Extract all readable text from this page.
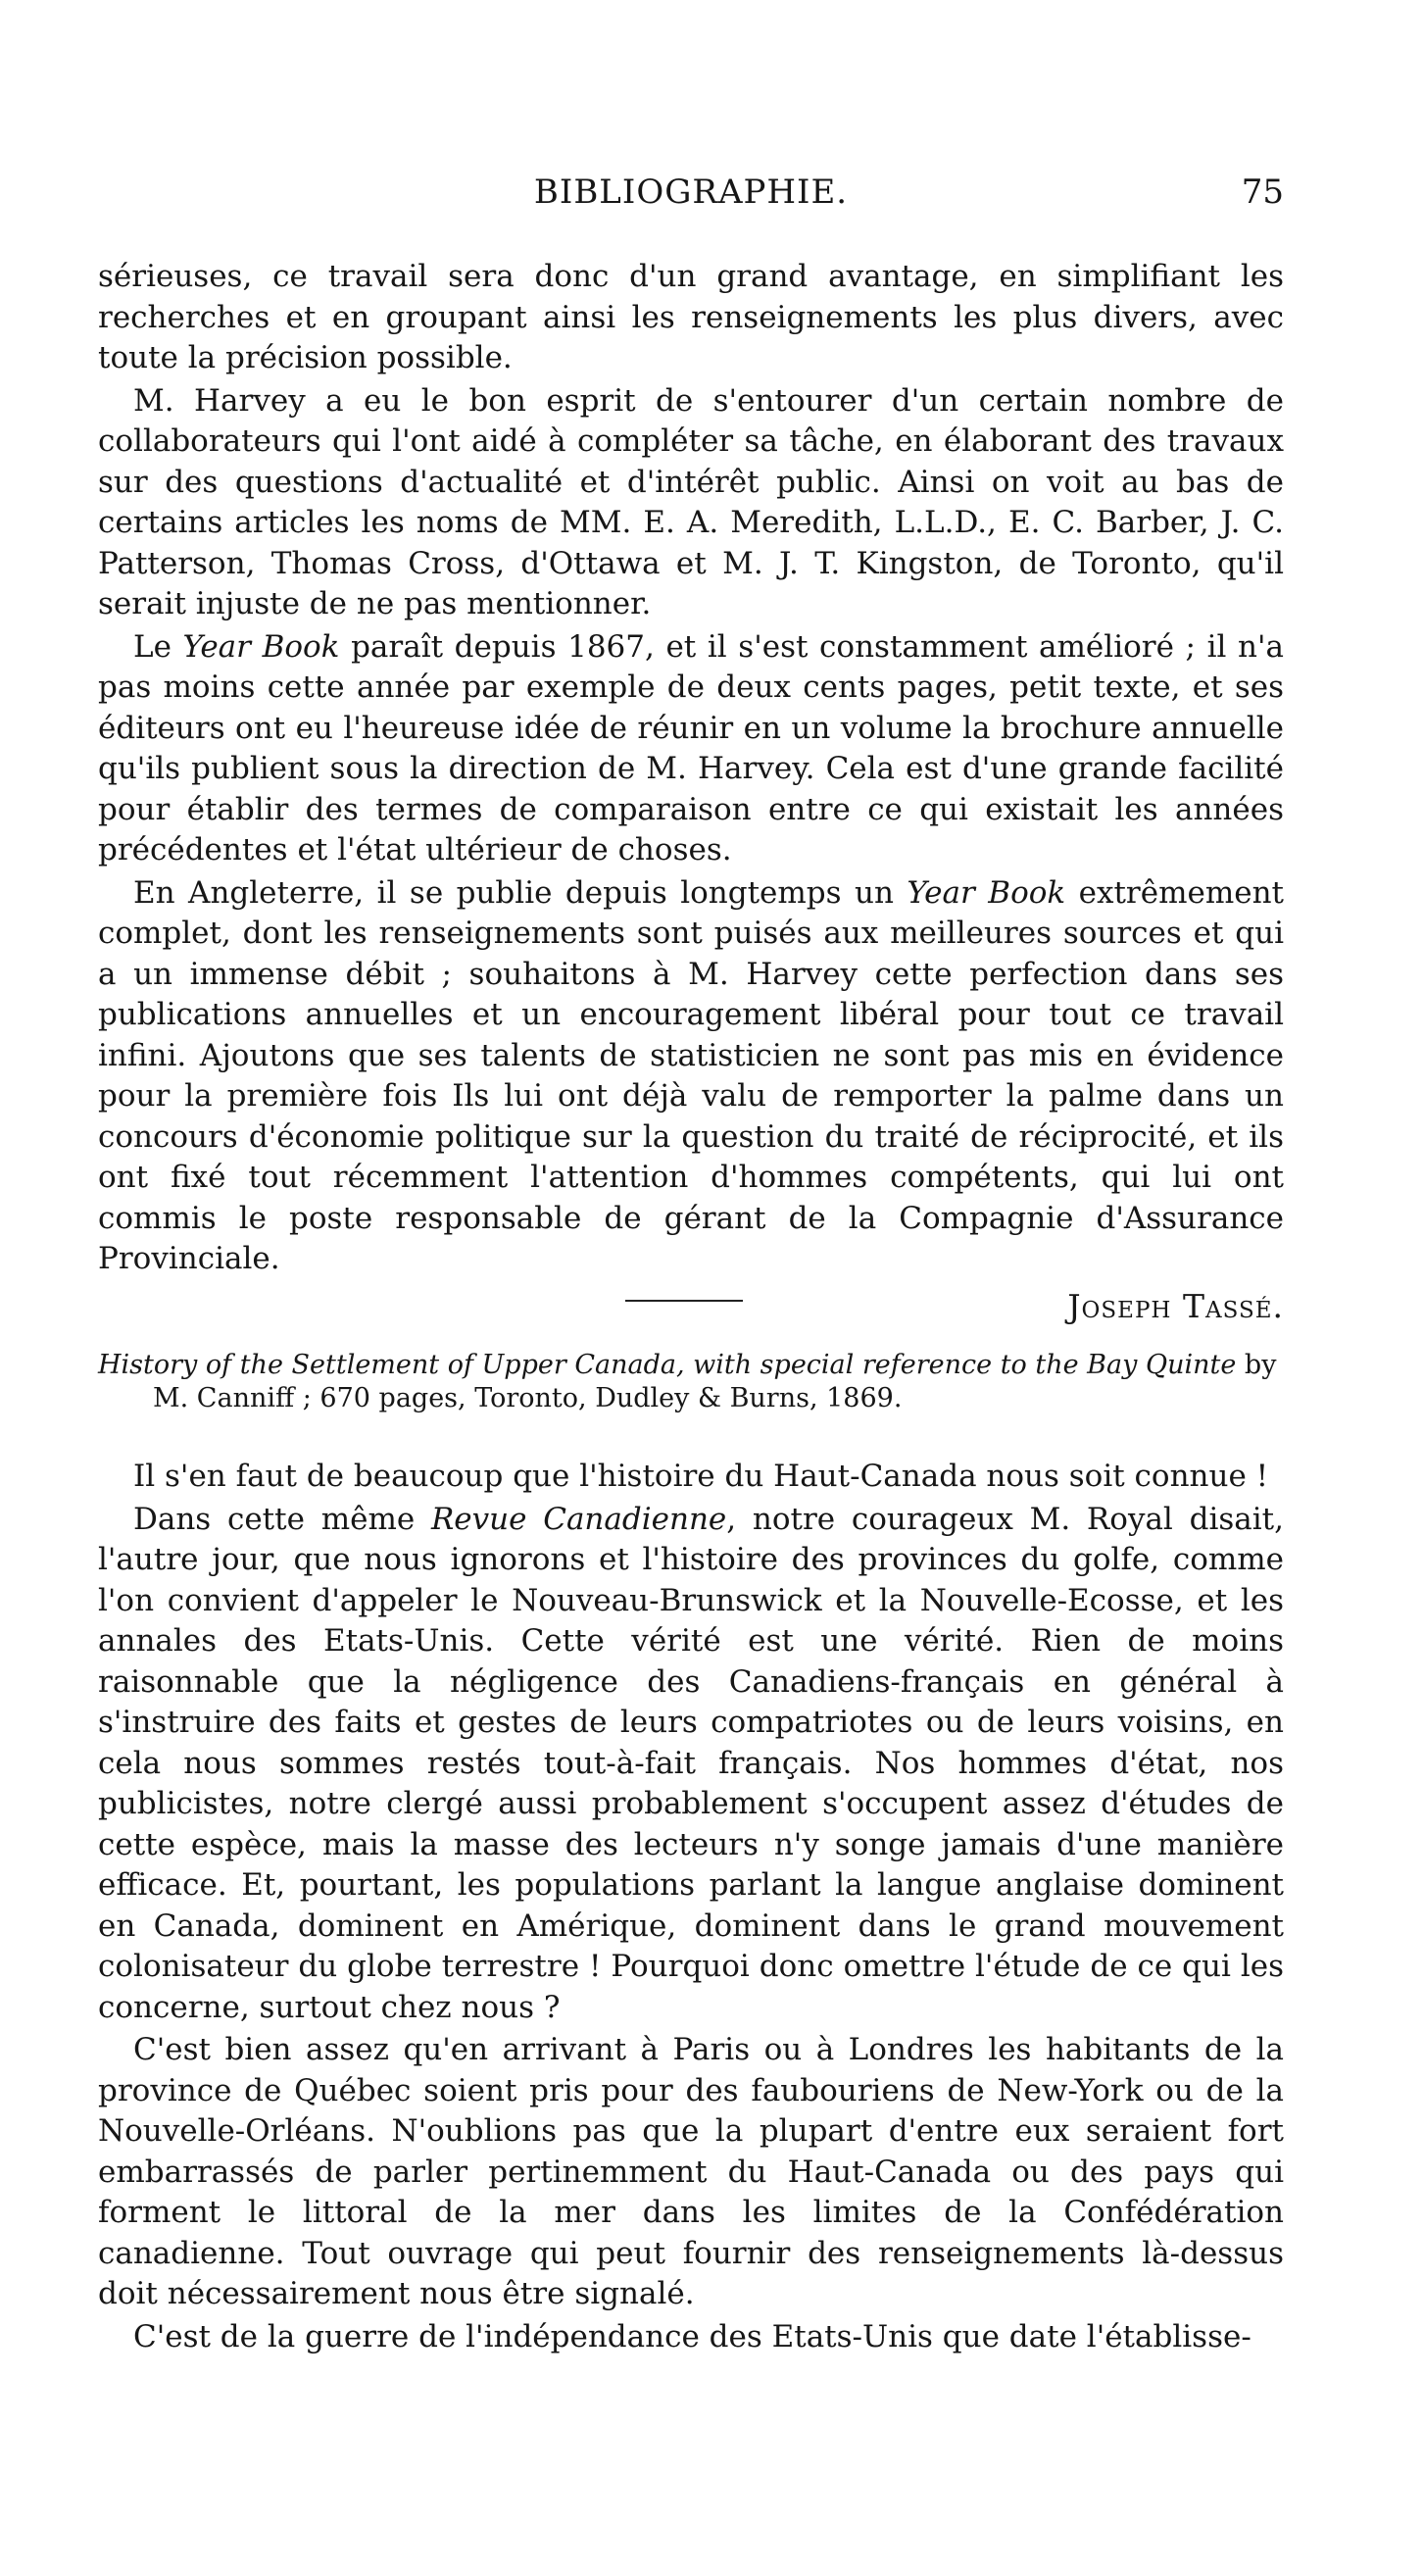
BIBLIOGRAPHIE.	75

sérieuses, ce travail sera donc d'un grand avantage, en simplifiant les recherches et en groupant ainsi les renseignements les plus divers, avec toute la précision possible.

M. Harvey a eu le bon esprit de s'entourer d'un certain nombre de collaborateurs qui l'ont aidé à compléter sa tâche, en élaborant des travaux sur des questions d'actualité et d'intérêt public. Ainsi on voit au bas de certains articles les noms de MM. E. A. Meredith, L.L.D., E. C. Barber, J. C. Patterson, Thomas Cross, d'Ottawa et M. J. T. Kingston, de Toronto, qu'il serait injuste de ne pas mentionner.

Le Year Book paraît depuis 1867, et il s'est constamment amélioré ; il n'a pas moins cette année par exemple de deux cents pages, petit texte, et ses éditeurs ont eu l'heureuse idée de réunir en un volume la brochure annuelle qu'ils publient sous la direction de M. Harvey. Cela est d'une grande facilité pour établir des termes de comparaison entre ce qui existait les années précédentes et l'état ultérieur de choses.

En Angleterre, il se publie depuis longtemps un Year Book extrêmement complet, dont les renseignements sont puisés aux meilleures sources et qui a un immense débit ; souhaitons à M. Harvey cette perfection dans ses publications annuelles et un encouragement libéral pour tout ce travail infini. Ajoutons que ses talents de statisticien ne sont pas mis en évidence pour la première fois Ils lui ont déjà valu de remporter la palme dans un concours d'économie politique sur la question du traité de réciprocité, et ils ont fixé tout récemment l'attention d'hommes compétents, qui lui ont commis le poste responsable de gérant de la Compagnie d'Assurance Provinciale.

Joseph Tassé.
History of the Settlement of Upper Canada, with special reference to the Bay Quinte by
M. Canniff ; 670 pages, Toronto, Dudley & Burns, 1869.

Il s'en faut de beaucoup que l'histoire du Haut-Canada nous soit connue !

Dans cette même Revue Canadienne, notre courageux M. Royal disait, l'autre jour, que nous ignorons et l'histoire des provinces du golfe, comme l'on convient d'appeler le Nouveau-Brunswick et la Nouvelle-Ecosse, et les annales des Etats-Unis. Cette vérité est une vérité. Rien de moins raisonnable que la négligence des Canadiens-français en général à s'instruire des faits et gestes de leurs compatriotes ou de leurs voisins, en cela nous sommes restés tout-à-fait français. Nos hommes d'état, nos publicistes, notre clergé aussi probablement s'occupent assez d'études de cette espèce, mais la masse des lecteurs n'y songe jamais d'une manière efficace. Et, pourtant, les populations parlant la langue anglaise dominent en Canada, dominent en Amérique, dominent dans le grand mouvement colonisateur du globe terrestre ! Pourquoi donc omettre l'étude de ce qui les concerne, surtout chez nous ?

C'est bien assez qu'en arrivant à Paris ou à Londres les habitants de la province de Québec soient pris pour des faubouriens de New-York ou de la Nouvelle-Orléans. N'oublions pas que la plupart d'entre eux seraient fort embarrassés de parler pertinemment du Haut-Canada ou des pays qui forment le littoral de la mer dans les limites de la Confédération canadienne. Tout ouvrage qui peut fournir des renseignements là-dessus doit nécessairement nous être signalé.

C'est de la guerre de l'indépendance des Etats-Unis que date l'établisse-
